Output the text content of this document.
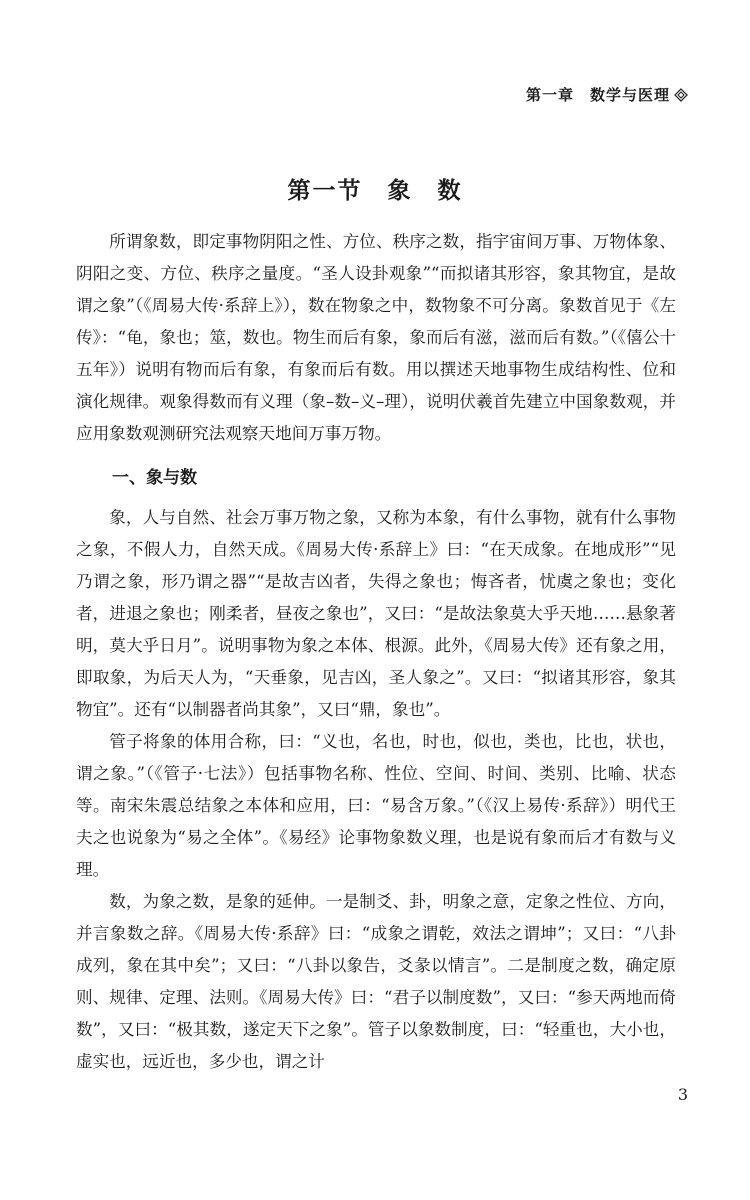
第一章　数学与医理
第一节　象　数

所谓象数，即定事物阴阳之性、方位、秩序之数，指宇宙间万事、万物体象、阴阳之变、方位、秩序之量度。“圣人设卦观象”“而拟诸其形容，象其物宜，是故谓之象”（《周易大传·系辞上》），数在物象之中，数物象不可分离。象数首见于《左传》：“龟，象也；筮，数也。物生而后有象，象而后有滋，滋而后有数。”（《僖公十五年》）说明有物而后有象，有象而后有数。用以撰述天地事物生成结构性、位和演化规律。观象得数而有义理（象–数–义–理），说明伏羲首先建立中国象数观，并应用象数观测研究法观察天地间万事万物。

一、象与数

象，人与自然、社会万事万物之象，又称为本象，有什么事物，就有什么事物之象，不假人力，自然天成。《周易大传·系辞上》曰：“在天成象。在地成形”“见乃谓之象，形乃谓之器”“是故吉凶者，失得之象也；悔吝者，忧虞之象也；变化者，进退之象也；刚柔者，昼夜之象也”，又曰：“是故法象莫大乎天地……悬象著明，莫大乎日月”。说明事物为象之本体、根源。此外，《周易大传》还有象之用，即取象，为后天人为，“天垂象，见吉凶，圣人象之”。又曰：“拟诸其形容，象其物宜”。还有“以制器者尚其象”，又曰“鼎，象也”。

管子将象的体用合称，曰：“义也，名也，时也，似也，类也，比也，状也，谓之象。”（《管子·七法》）包括事物名称、性位、空间、时间、类别、比喻、状态等。南宋朱震总结象之本体和应用，曰：“易含万象。”（《汉上易传·系辞》）明代王夫之也说象为“易之全体”。《易经》论事物象数义理，也是说有象而后才有数与义理。

数，为象之数，是象的延伸。一是制爻、卦，明象之意，定象之性位、方向，并言象数之辞。《周易大传·系辞》曰：“成象之谓乾，效法之谓坤”；又曰：“八卦成列，象在其中矣”；又曰：“八卦以象告，爻彖以情言”。二是制度之数，确定原则、规律、定理、法则。《周易大传》曰：“君子以制度数”，又曰：“参天两地而倚数”，又曰：“极其数，遂定天下之象”。管子以象数制度，曰：“轻重也，大小也，虚实也，远近也，多少也，谓之计

3
